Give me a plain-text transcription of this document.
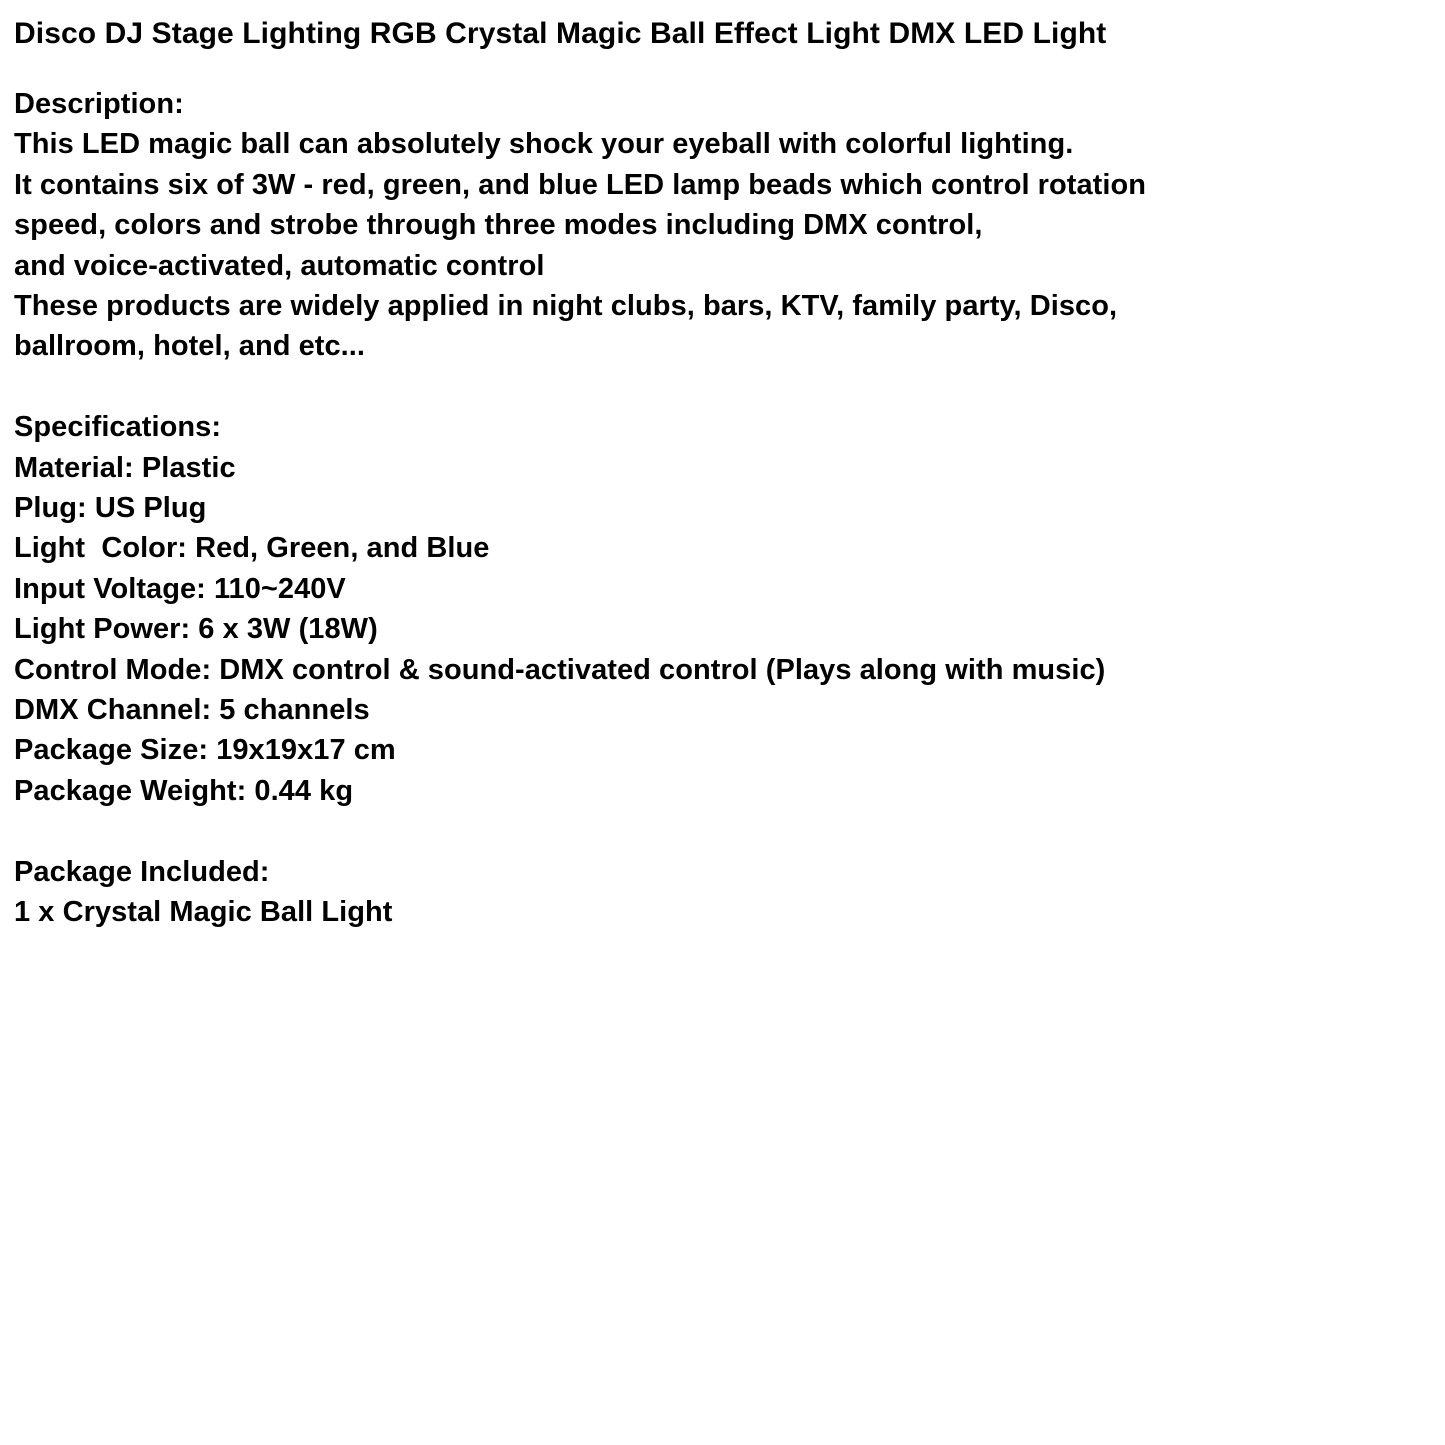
Disco DJ Stage Lighting RGB Crystal Magic Ball Effect Light DMX LED Light
Description:
This LED magic ball can absolutely shock your eyeball with colorful lighting.
It contains six of 3W - red, green, and blue LED lamp beads which control rotation
speed, colors and strobe through three modes including DMX control,
and voice-activated, automatic control
These products are widely applied in night clubs, bars, KTV, family party, Disco,
ballroom, hotel, and etc...
Specifications:
Material: Plastic
Plug: US Plug
Light  Color: Red, Green, and Blue
Input Voltage: 110~240V
Light Power: 6 x 3W (18W)
Control Mode: DMX control & sound-activated control (Plays along with music)
DMX Channel: 5 channels
Package Size: 19x19x17 cm
Package Weight: 0.44 kg
Package Included:
1 x Crystal Magic Ball Light
